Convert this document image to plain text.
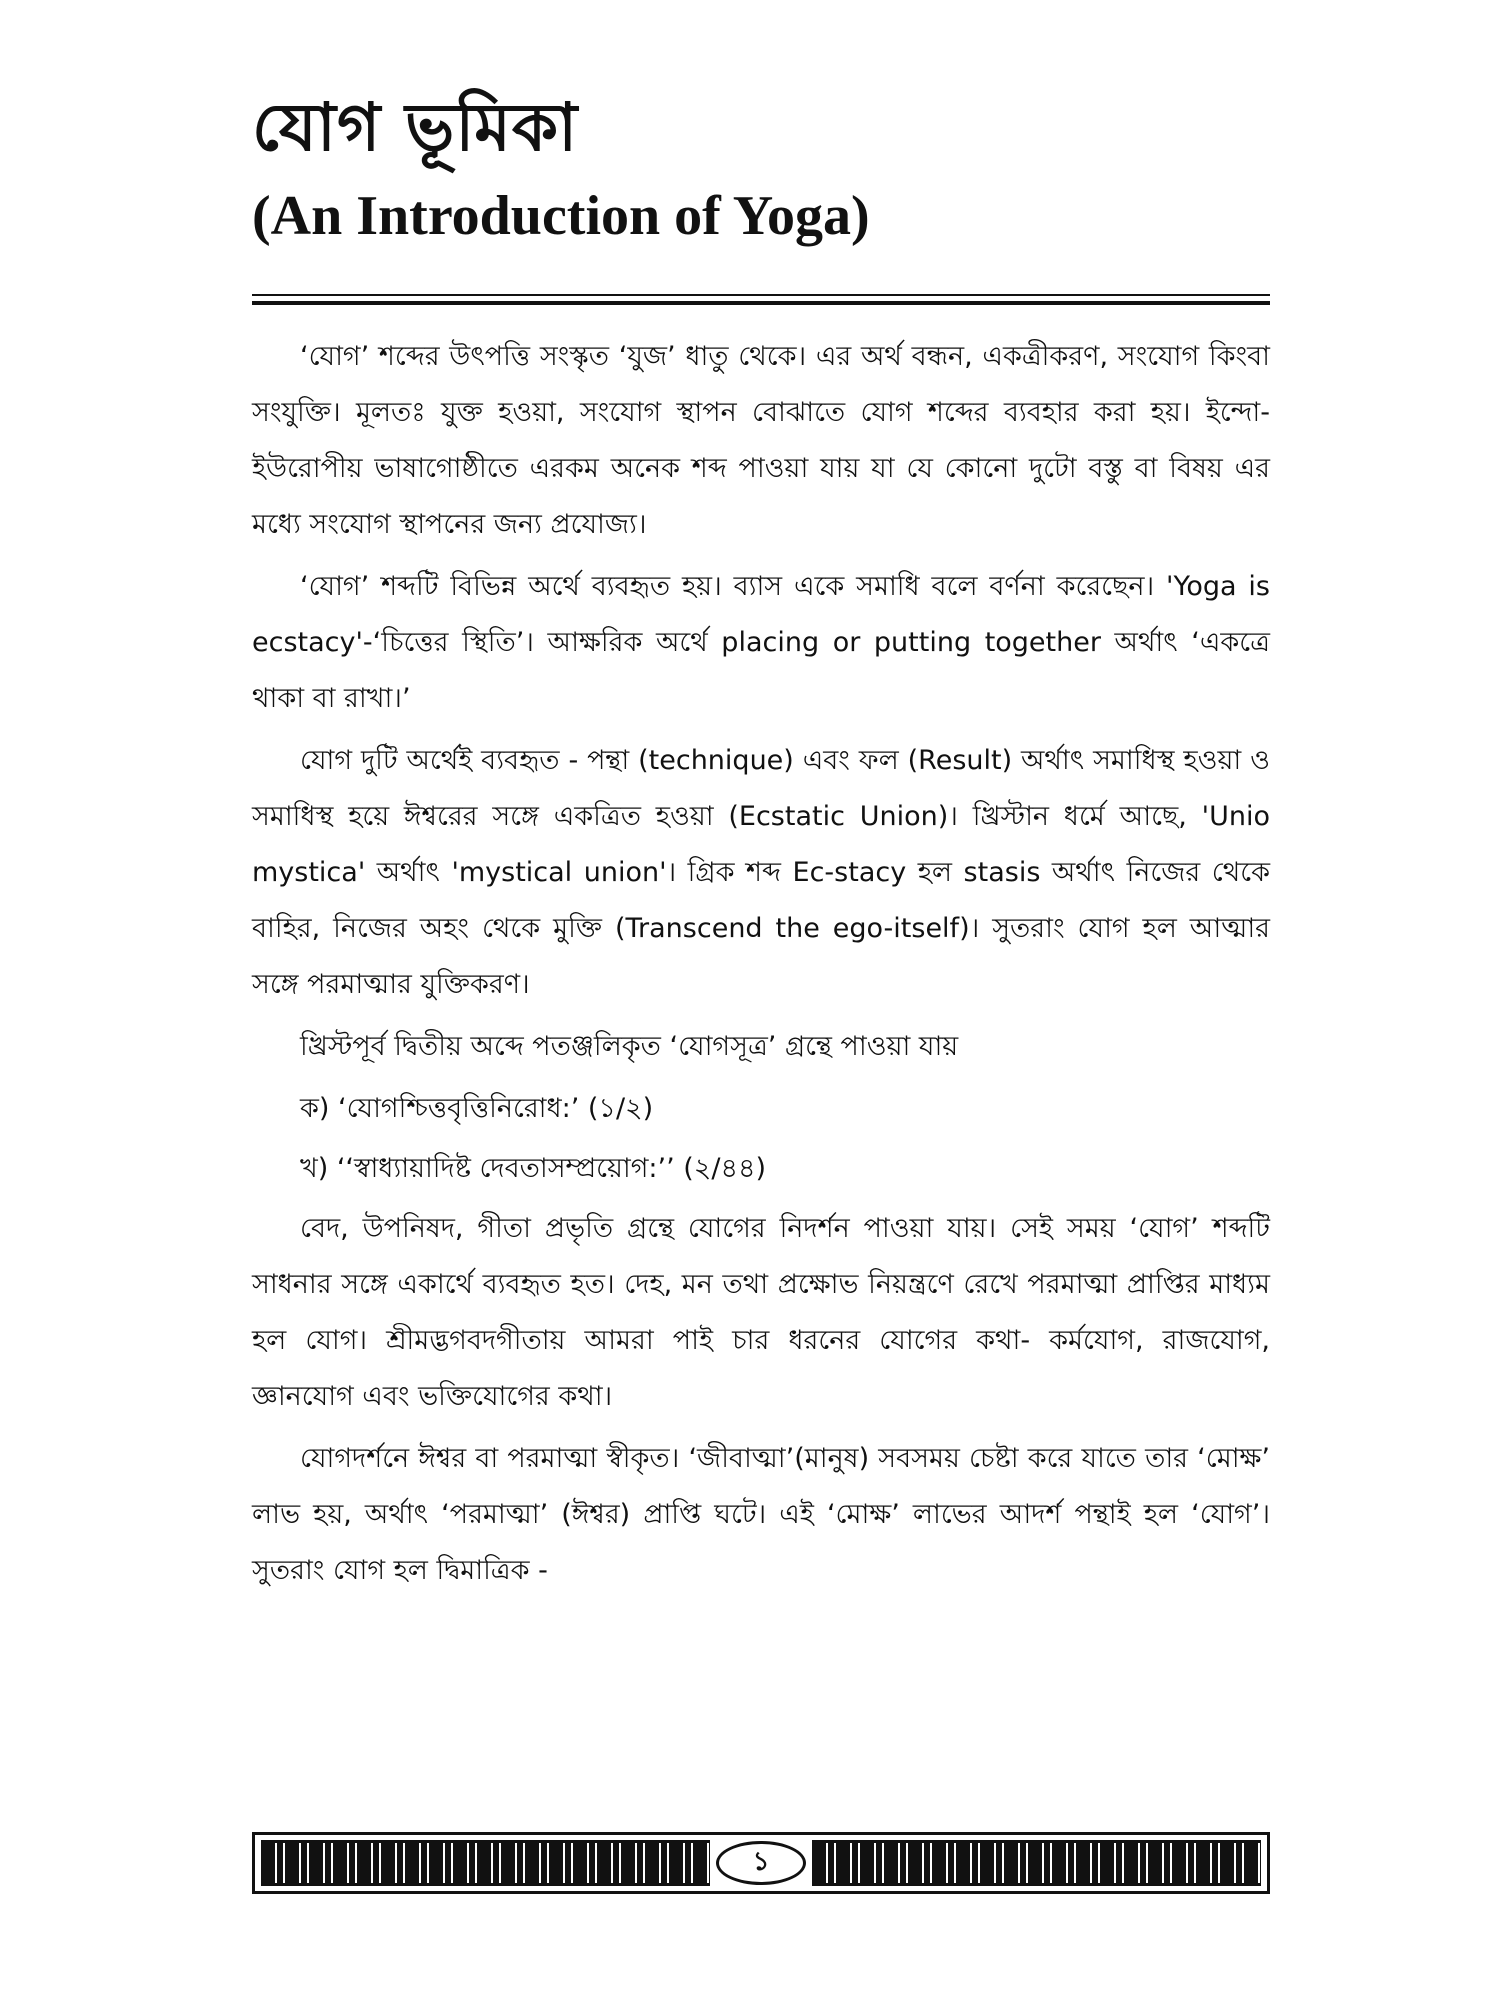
যোগ ভূমিকা
(An Introduction of Yoga)

‘যোগ’ শব্দের উৎপত্তি সংস্কৃত ‘যুজ’ ধাতু থেকে। এর অর্থ বন্ধন, একত্রীকরণ, সংযোগ কিংবা সংযুক্তি। মূলতঃ যুক্ত হওয়া, সংযোগ স্থাপন বোঝাতে যোগ শব্দের ব্যবহার করা হয়। ইন্দো-ইউরোপীয় ভাষাগোষ্ঠীতে এরকম অনেক শব্দ পাওয়া যায় যা যে কোনো দুটো বস্তু বা বিষয় এর মধ্যে সংযোগ স্থাপনের জন্য প্রযোজ্য।

‘যোগ’ শব্দটি বিভিন্ন অর্থে ব্যবহৃত হয়। ব্যাস একে সমাধি বলে বর্ণনা করেছেন। 'Yoga is ecstacy'-‘চিত্তের স্থিতি’। আক্ষরিক অর্থে placing or putting together অর্থাৎ ‘একত্রে থাকা বা রাখা।’

যোগ দুটি অর্থেই ব্যবহৃত - পন্থা (technique) এবং ফল (Result) অর্থাৎ সমাধিস্থ হওয়া ও সমাধিস্থ হয়ে ঈশ্বরের সঙ্গে একত্রিত হওয়া (Ecstatic Union)। খ্রিস্টান ধর্মে আছে, 'Unio mystica' অর্থাৎ 'mystical union'। গ্রিক শব্দ Ec-stacy হল stasis অর্থাৎ নিজের থেকে বাহির, নিজের অহং থেকে মুক্তি (Transcend the ego-itself)। সুতরাং যোগ হল আত্মার সঙ্গে পরমাত্মার যুক্তিকরণ।

খ্রিস্টপূর্ব দ্বিতীয় অব্দে পতঞ্জলিকৃত ‘যোগসূত্র’ গ্রন্থে পাওয়া যায়

ক) ‘যোগশ্চিত্তবৃত্তিনিরোধ:’ (১/২)

খ) ‘‘স্বাধ্যায়াদিষ্ট দেবতাসম্প্রয়োগ:’’ (২/৪৪)

বেদ, উপনিষদ, গীতা প্রভৃতি গ্রন্থে যোগের নিদর্শন পাওয়া যায়। সেই সময় ‘যোগ’ শব্দটি সাধনার সঙ্গে একার্থে ব্যবহৃত হত। দেহ, মন তথা প্রক্ষোভ নিয়ন্ত্রণে রেখে পরমাত্মা প্রাপ্তির মাধ্যম হল যোগ। শ্রীমদ্ভগবদগীতায় আমরা পাই চার ধরনের যোগের কথা- কর্মযোগ, রাজযোগ, জ্ঞানযোগ এবং ভক্তিযোগের কথা।

যোগদর্শনে ঈশ্বর বা পরমাত্মা স্বীকৃত। ‘জীবাত্মা’(মানুষ) সবসময় চেষ্টা করে যাতে তার ‘মোক্ষ’ লাভ হয়, অর্থাৎ ‘পরমাত্মা’ (ঈশ্বর) প্রাপ্তি ঘটে। এই ‘মোক্ষ’ লাভের আদর্শ পন্থাই হল ‘যোগ’। সুতরাং যোগ হল দ্বিমাত্রিক -

১
